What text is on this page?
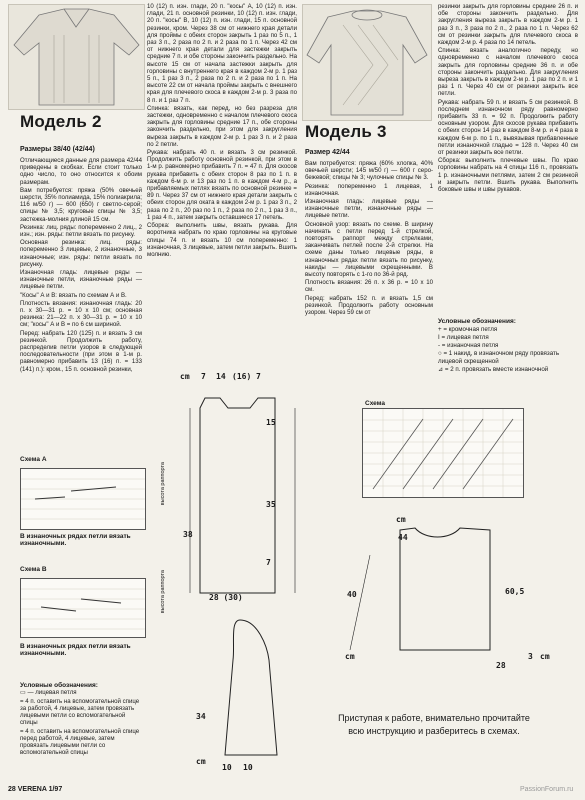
Модель 2
Размеры 38/40 (42/44)

Отличающиеся данные для размера 42/44 приведены в скобках. Если стоит только одно число, то оно относится к обоим размерам.

Вам потребуется: пряжа (50% овечьей шерсти, 35% полиамида, 15% полиакрила; 116 м/50 г) — 600 (650) г светло-серой; спицы № 3,5; круговые спицы № 3,5; застежка-молния длиной 15 см.

Резинка: лиц. ряды: попеременно 2 лиц., 2 изн.; изн. ряды: петли вязать по рисунку.

Основная резинка: лиц. ряды: попеременно 3 лицевые, 2 изнаночные, 3 изнаночные; изн. ряды: петли вязать по рисунку.

Изнаночная гладь: лицевые ряды — изнаночные петли, изнаночные ряды — лицевые петли.

"Косы" А и В: вязать по схемам А и В.

Плотность вязания: изнаночная гладь: 20 п. х 30—31 р. = 10 х 10 см; основная резинка: 21—22 п. х 30—31 р. = 10 х 10 см; "косы" А и В = по 6 см шириной.

Перед: набрать 120 (125) п. и вязать 3 см резинкой. Продолжить работу, распределив петли узоров в следующей последовательности (при этом в 1-м р. равномерно прибавить 13 (16) п. = 133 (141) п.): кром., 15 п. основной резинки,

10 (12) п. изн. глади, 20 п. "косы" А, 10 (12) п. изн. глади, 21 п. основной резинки, 10 (12) п. изн. глади, 20 п. "косы" В, 10 (12) п. изн. глади, 15 п. основной резинки, кром. Через 38 см от нижнего края детали для проймы с обеих сторон закрыть 1 раз по 5 п., 1 раз 3 п., 2 раза по 2 п. и 2 раза по 1 п. Через 42 см от нижнего края детали для застежки закрыть средние 7 п. и обе стороны закончить раздельно. На высоте 15 см от начала застежки закрыть для горловины с внутреннего края в каждом 2-м р. 1 раз 5 п., 1 раз 3 п., 2 раза по 2 п. и 2 раза по 1 п. На высоте 22 см от начала проймы закрыть с внешнего края для плечевого скоса в каждом 2-м р. 3 раза по 8 п. и 1 раз 7 п.

Спинка: вязать, как перед, но без разреза для застежки, одновременно с началом плечевого скоса закрыть для горловины средние 17 п., обе стороны закончить раздельно, при этом для закругления выреза закрыть в каждом 2-м р. 1 раз 3 п. и 2 раза по 2 петли.

Рукава: набрать 40 п. и вязать 3 см резинкой. Продолжить работу основной резинкой, при этом в 1-м р. равномерно прибавить 7 п. = 47 п. Для скосов рукава прибавить с обеих сторон 8 раз по 1 п. в каждом 6-м р. и 13 раз по 1 п. в каждом 4-м р., а прибавляемых петлях вязать по основной резинке = 89 п. Через 37 см от нижнего края детали закрыть с обеих сторон для оката в каждом 2-м р. 1 раз 3 п., 2 раза по 2 п., 20 раз по 1 п., 2 раза по 2 п., 1 раз 3 п., 1 раз 4 п., затем закрыть оставшиеся 17 петель.

Сборка: выполнить швы, вязать рукава. Для воротника набрать по краю горловины на круговые спицы 74 п. и вязать 10 см попеременно: 1 изнаночная, 3 лицевые, затем петли закрыть. Вшить молнию.

Модель 3
Размер 42/44

Вам потребуется: пряжа (60% хлопка, 40% овечьей шерсти; 145 м/50 г) — 600 г серо-бежевой; спицы № 3; чулочные спицы № 3.

Резинка: попеременно 1 лицевая, 1 изнаночная.

Изнаночная гладь: лицевые ряды — изнаночные петли, изнаночные ряды — лицевые петли.

Основной узор: вязать по схеме. В ширину начинать с петли перед 1-й стрелкой, повторять раппорт между стрелками, заканчивать петлей после 2-й стрелки. На схеме даны только лицевые ряды, в изнаночных рядах петли вязать по рисунку, накиды — лицевыми скрещенными. В высоту повторять с 1-го по 36-й ряд.

Плотность вязания: 26 п. х 36 р. = 10 х 10 см.

Перед: набрать 152 п. и вязать 1,5 см резинкой. Продолжить работу основным узором. Через 59 см от

резинки закрыть для горловины средние 26 п. и обе стороны закончить раздельно. Для закругления выреза закрыть в каждом 2-м р. 1 раз 3 п., 3 раза по 2 п., 2 раза по 1 п. Через 62 см от резинки закрыть для плечевого скоса в каждом 2-м р. 4 раза по 14 петель.

Спинка: вязать аналогично переду, но одновременно с началом плечевого скоса закрыть для горловины средние 36 п. и обе стороны закончить раздельно. Для закругления выреза закрыть в каждом 2-м р. 1 раз по 2 п. и 1 раз 1 п. Через 40 см от резинки закрыть все петли.

Рукава: набрать 59 п. и вязать 5 см резинкой. В последнем изнаночном ряду равномерно прибавить 33 п. = 92 п. Продолжить работу основным узором. Для скосов рукава прибавить с обеих сторон 14 раз в каждом 8-м р. и 4 раза в каждом 6-м р. по 1 п., вывязывая прибавленные петли изнаночной гладью = 128 п. Через 40 см от резинки закрыть все петли.

Сборка: выполнить плечевые швы. По краю горловины набрать на 4 спицы 116 п., провязать 1 р. изнаночными петлями, затем 2 см резинкой и закрыть петли. Вшить рукава. Выполнить боковые швы и швы рукавов.

Условные обозначения:
+ = кромочная петля
I = лицевая петля
- = изнаночная петля
○ = 1 накид, в изнаночном ряду провязать лицевой скрещенной
⊿ = 2 п. провязать вместе изнаночной
Схема
cm 7 14 (16) 7
15
35
7
38
28 (30)
высота раппорта
высота раппорта
34
cm
10 10
Схема А
В изнаночных рядах петли вязать изнаночными.
Схема В
В изнаночных рядах петли вязать изнаночными.
Условные обозначения:
▭ — лицевая петля
= 4 п. оставить на вспомогательной спице за работой, 4 лицевые, затем провязать лицевыми петли со вспомогательной спицы
= 4 п. оставить на вспомогательной спице перед работой, 4 лицевые, затем провязать лицевыми петли со вспомогательной спицы
cm
44
40	60,5
3 cm
cm
28
Приступая к работе, внимательно прочитайте всю инструкцию и разберитесь в схемах.
28 VERENA 1/97	PassionForum.ru
